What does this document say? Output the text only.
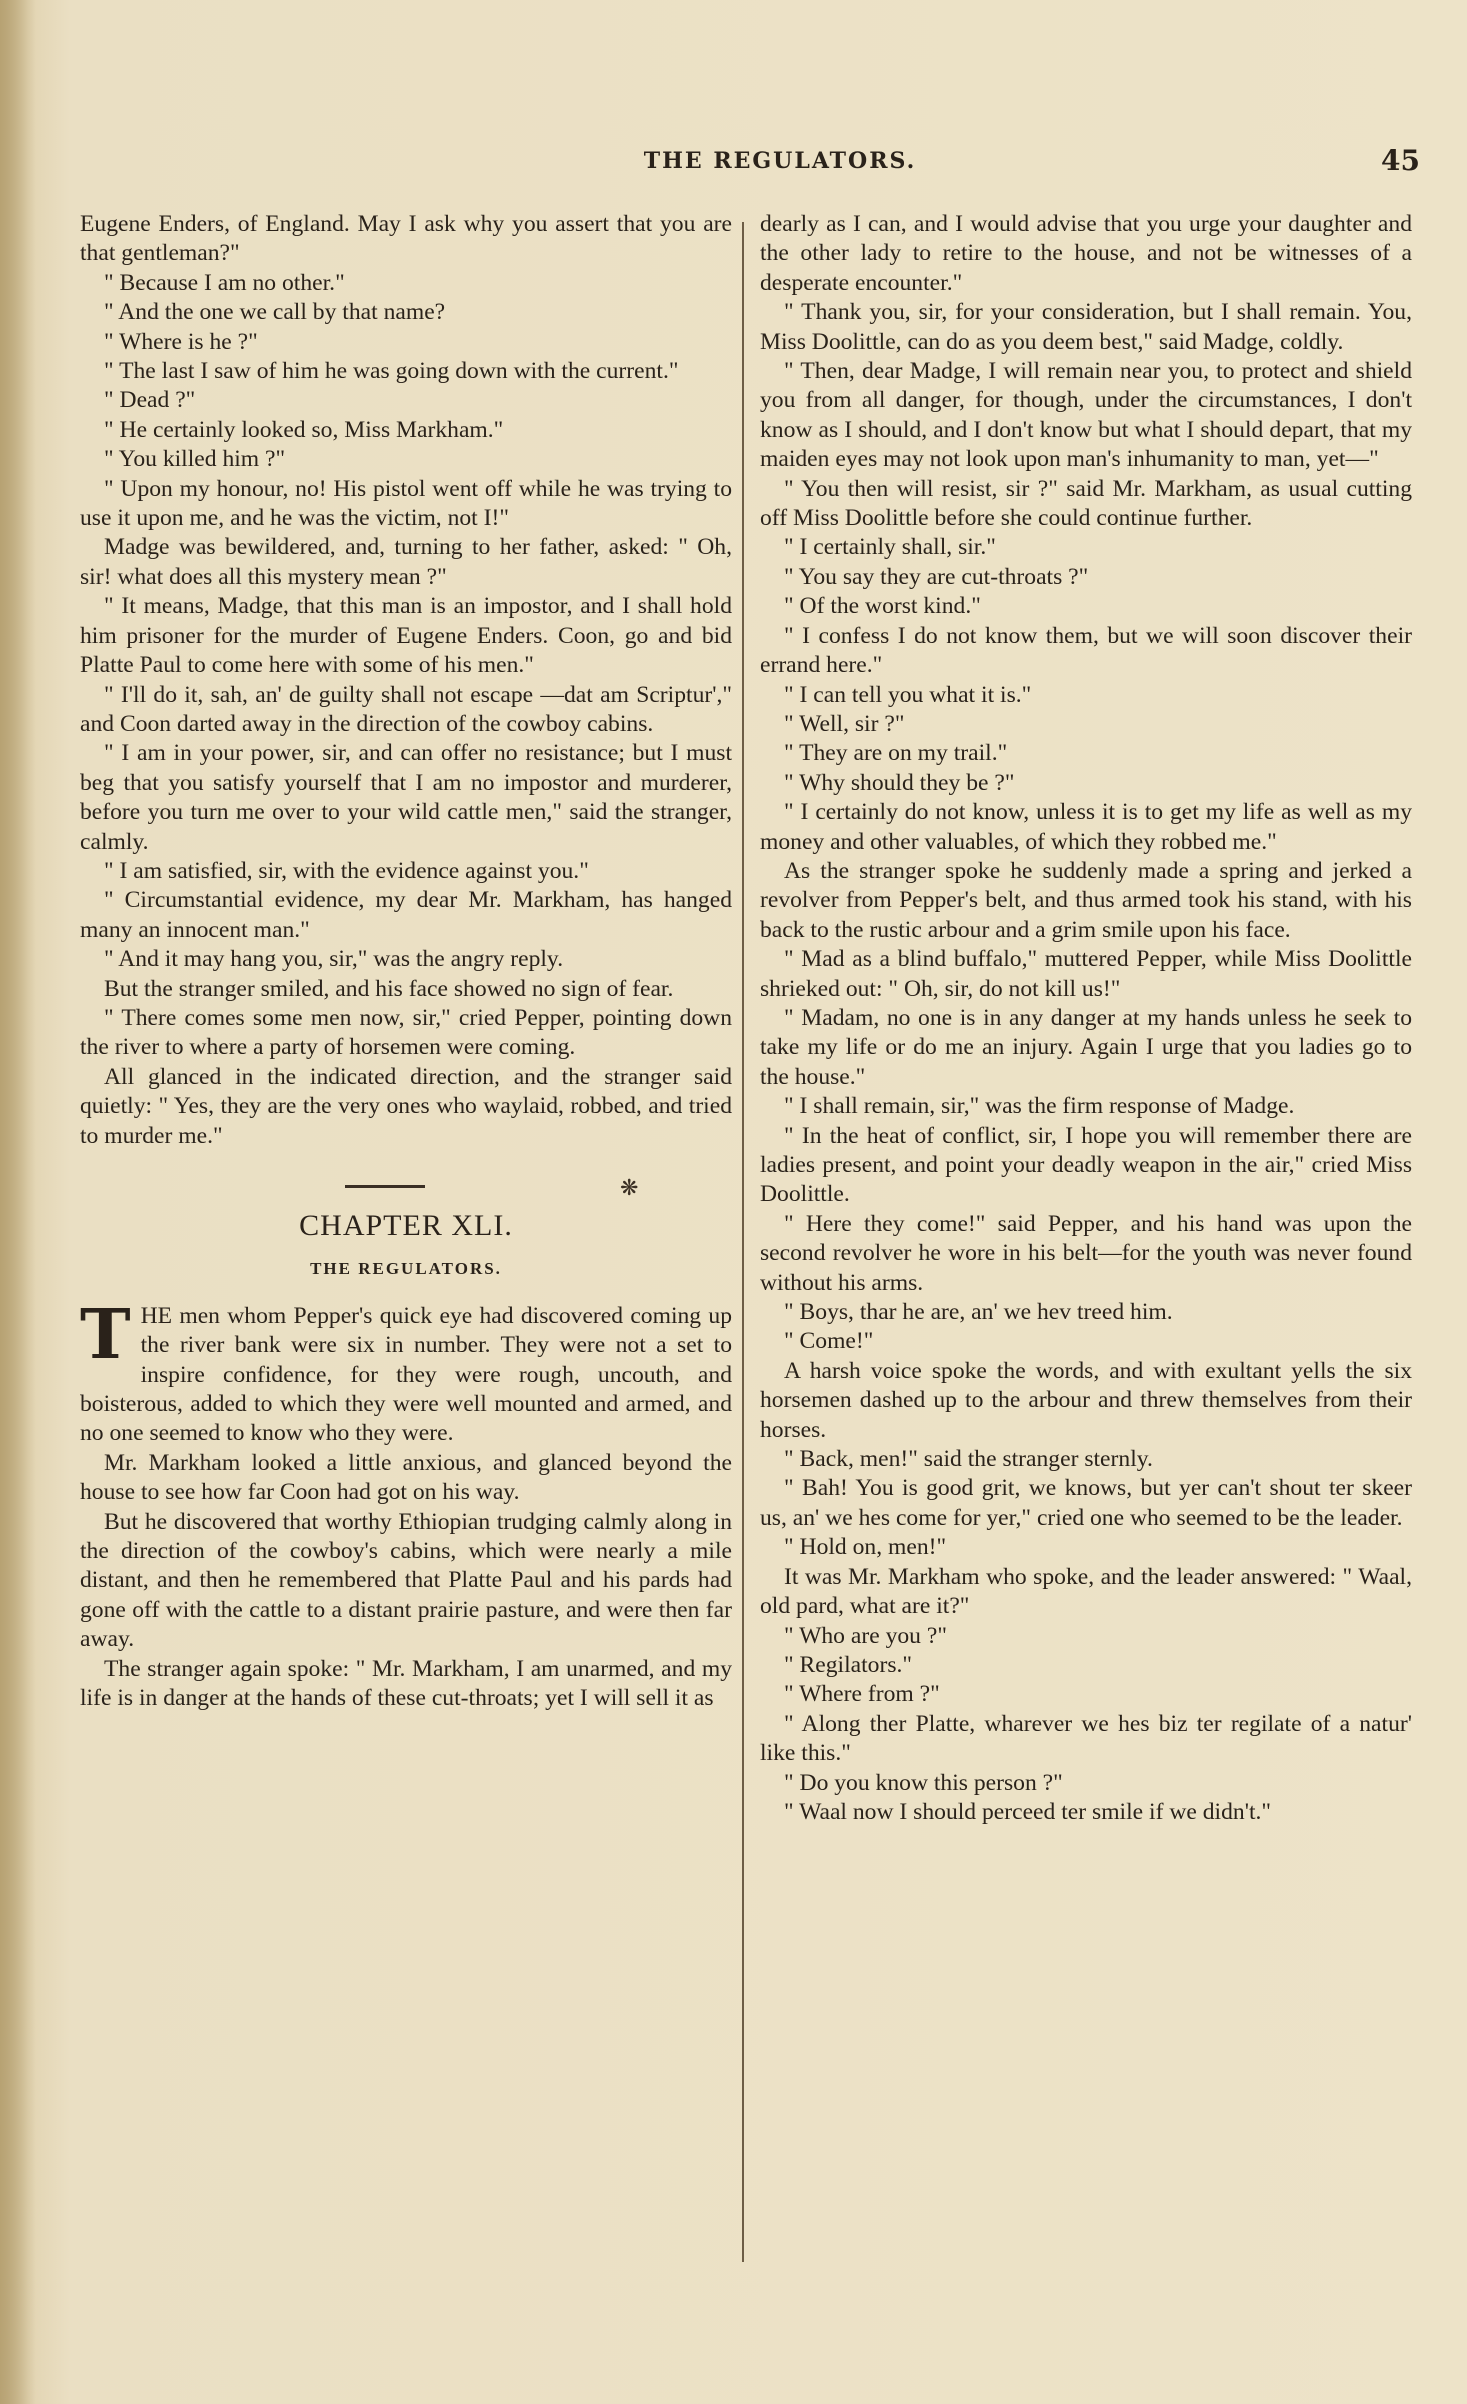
THE REGULATORS.	45

Eugene Enders, of England. May I ask why you assert that you are that gentleman?"

" Because I am no other."

" And the one we call by that name?

" Where is he ?"

" The last I saw of him he was going down with the current."

" Dead ?"

" He certainly looked so, Miss Markham."

" You killed him ?"

" Upon my honour, no! His pistol went off while he was trying to use it upon me, and he was the victim, not I!"

Madge was bewildered, and, turning to her father, asked: " Oh, sir! what does all this mystery mean ?"

" It means, Madge, that this man is an impostor, and I shall hold him prisoner for the murder of Eugene Enders. Coon, go and bid Platte Paul to come here with some of his men."

" I'll do it, sah, an' de guilty shall not escape —dat am Scriptur'," and Coon darted away in the direction of the cowboy cabins.

" I am in your power, sir, and can offer no resistance; but I must beg that you satisfy yourself that I am no impostor and murderer, before you turn me over to your wild cattle men," said the stranger, calmly.

" I am satisfied, sir, with the evidence against you."

" Circumstantial evidence, my dear Mr. Markham, has hanged many an innocent man."

" And it may hang you, sir," was the angry reply.

But the stranger smiled, and his face showed no sign of fear.

" There comes some men now, sir," cried Pepper, pointing down the river to where a party of horsemen were coming.

All glanced in the indicated direction, and the stranger said quietly: " Yes, they are the very ones who waylaid, robbed, and tried to murder me."

❋
CHAPTER XLI.
THE REGULATORS.

THE men whom Pepper's quick eye had discovered coming up the river bank were six in number. They were not a set to inspire confidence, for they were rough, uncouth, and boisterous, added to which they were well mounted and armed, and no one seemed to know who they were.

Mr. Markham looked a little anxious, and glanced beyond the house to see how far Coon had got on his way.

But he discovered that worthy Ethiopian trudging calmly along in the direction of the cowboy's cabins, which were nearly a mile distant, and then he remembered that Platte Paul and his pards had gone off with the cattle to a distant prairie pasture, and were then far away.

The stranger again spoke: " Mr. Markham, I am unarmed, and my life is in danger at the hands of these cut-throats; yet I will sell it as

dearly as I can, and I would advise that you urge your daughter and the other lady to retire to the house, and not be witnesses of a desperate encounter."

" Thank you, sir, for your consideration, but I shall remain. You, Miss Doolittle, can do as you deem best," said Madge, coldly.

" Then, dear Madge, I will remain near you, to protect and shield you from all danger, for though, under the circumstances, I don't know as I should, and I don't know but what I should depart, that my maiden eyes may not look upon man's inhumanity to man, yet—"

" You then will resist, sir ?" said Mr. Markham, as usual cutting off Miss Doolittle before she could continue further.

" I certainly shall, sir."

" You say they are cut-throats ?"

" Of the worst kind."

" I confess I do not know them, but we will soon discover their errand here."

" I can tell you what it is."

" Well, sir ?"

" They are on my trail."

" Why should they be ?"

" I certainly do not know, unless it is to get my life as well as my money and other valuables, of which they robbed me."

As the stranger spoke he suddenly made a spring and jerked a revolver from Pepper's belt, and thus armed took his stand, with his back to the rustic arbour and a grim smile upon his face.

" Mad as a blind buffalo," muttered Pepper, while Miss Doolittle shrieked out: " Oh, sir, do not kill us!"

" Madam, no one is in any danger at my hands unless he seek to take my life or do me an injury. Again I urge that you ladies go to the house."

" I shall remain, sir," was the firm response of Madge.

" In the heat of conflict, sir, I hope you will remember there are ladies present, and point your deadly weapon in the air," cried Miss Doolittle.

" Here they come!" said Pepper, and his hand was upon the second revolver he wore in his belt—for the youth was never found without his arms.

" Boys, thar he are, an' we hev treed him.

" Come!"

A harsh voice spoke the words, and with exultant yells the six horsemen dashed up to the arbour and threw themselves from their horses.

" Back, men!" said the stranger sternly.

" Bah! You is good grit, we knows, but yer can't shout ter skeer us, an' we hes come for yer," cried one who seemed to be the leader.

" Hold on, men!"

It was Mr. Markham who spoke, and the leader answered: " Waal, old pard, what are it?"

" Who are you ?"

" Regilators."

" Where from ?"

" Along ther Platte, wharever we hes biz ter regilate of a natur' like this."

" Do you know this person ?"

" Waal now I should perceed ter smile if we didn't."
